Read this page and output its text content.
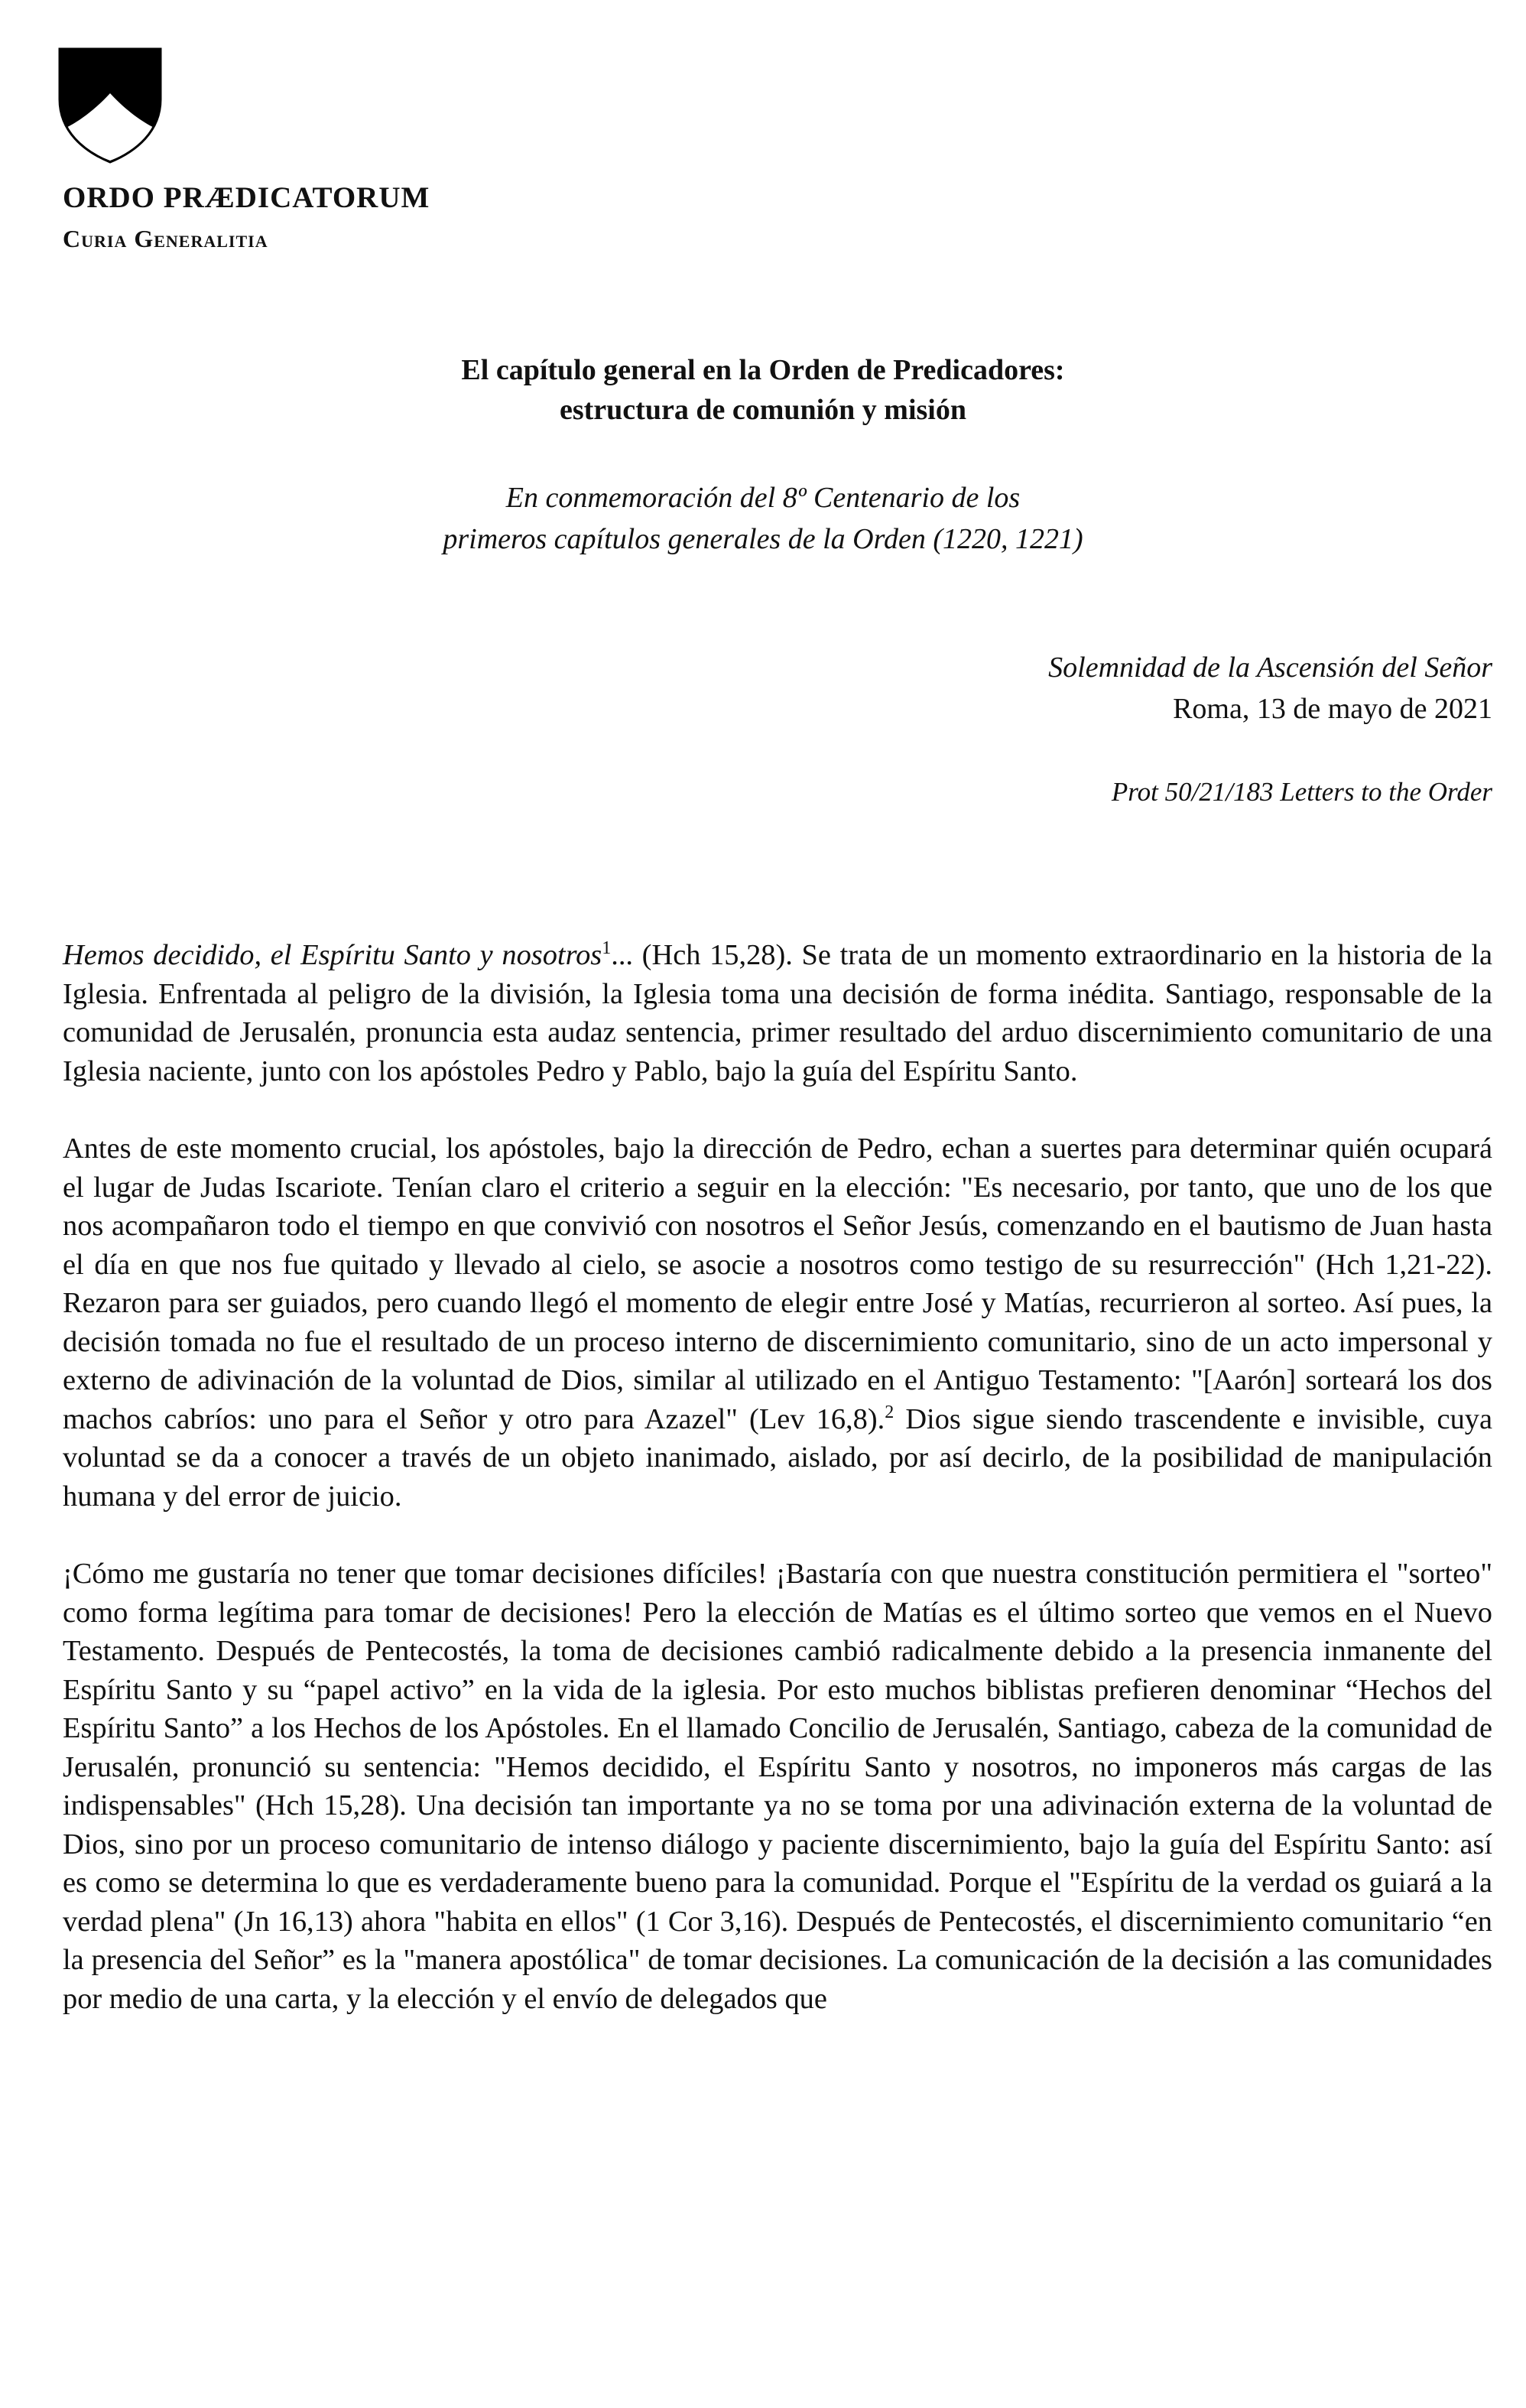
ORDO PRÆDICATORUM

Curia Generalitia

El capítulo general en la Orden de Predicadores:
estructura de comunión y misión
En conmemoración del 8º Centenario de los
primeros capítulos generales de la Orden (1220, 1221)
Solemnidad de la Ascensión del Señor
Roma, 13 de mayo de 2021

Prot 50/21/183 Letters to the Order

Hemos decidido, el Espíritu Santo y nosotros$^1$... (Hch 15,28). Se trata de un momento extraordinario en la historia de la Iglesia. Enfrentada al peligro de la división, la Iglesia toma una decisión de forma inédita. Santiago, responsable de la comunidad de Jerusalén, pronuncia esta audaz sentencia, primer resultado del arduo discernimiento comunitario de una Iglesia naciente, junto con los apóstoles Pedro y Pablo, bajo la guía del Espíritu Santo.

Antes de este momento crucial, los apóstoles, bajo la dirección de Pedro, echan a suertes para determinar quién ocupará el lugar de Judas Iscariote. Tenían claro el criterio a seguir en la elección: "Es necesario, por tanto, que uno de los que nos acompañaron todo el tiempo en que convivió con nosotros el Señor Jesús, comenzando en el bautismo de Juan hasta el día en que nos fue quitado y llevado al cielo, se asocie a nosotros como testigo de su resurrección" (Hch 1,21-22). Rezaron para ser guiados, pero cuando llegó el momento de elegir entre José y Matías, recurrieron al sorteo. Así pues, la decisión tomada no fue el resultado de un proceso interno de discernimiento comunitario, sino de un acto impersonal y externo de adivinación de la voluntad de Dios, similar al utilizado en el Antiguo Testamento: "[Aarón] sorteará los dos machos cabríos: uno para el Señor y otro para Azazel" (Lev 16,8).$^2$ Dios sigue siendo trascendente e invisible, cuya voluntad se da a conocer a través de un objeto inanimado, aislado, por así decirlo, de la posibilidad de manipulación humana y del error de juicio.

¡Cómo me gustaría no tener que tomar decisiones difíciles! ¡Bastaría con que nuestra constitución permitiera el "sorteo" como forma legítima para tomar de decisiones! Pero la elección de Matías es el último sorteo que vemos en el Nuevo Testamento. Después de Pentecostés, la toma de decisiones cambió radicalmente debido a la presencia inmanente del Espíritu Santo y su “papel activo” en la vida de la iglesia. Por esto muchos biblistas prefieren denominar “Hechos del Espíritu Santo” a los Hechos de los Apóstoles. En el llamado Concilio de Jerusalén, Santiago, cabeza de la comunidad de Jerusalén, pronunció su sentencia: "Hemos decidido, el Espíritu Santo y nosotros, no imponeros más cargas de las indispensables" (Hch 15,28). Una decisión tan importante ya no se toma por una adivinación externa de la voluntad de Dios, sino por un proceso comunitario de intenso diálogo y paciente discernimiento, bajo la guía del Espíritu Santo: así es como se determina lo que es verdaderamente bueno para la comunidad. Porque el "Espíritu de la verdad os guiará a la verdad plena" (Jn 16,13) ahora "habita en ellos" (1 Cor 3,16). Después de Pentecostés, el discernimiento comunitario “en la presencia del Señor” es la "manera apostólica" de tomar decisiones. La comunicación de la decisión a las comunidades por medio de una carta, y la elección y el envío de delegados que
